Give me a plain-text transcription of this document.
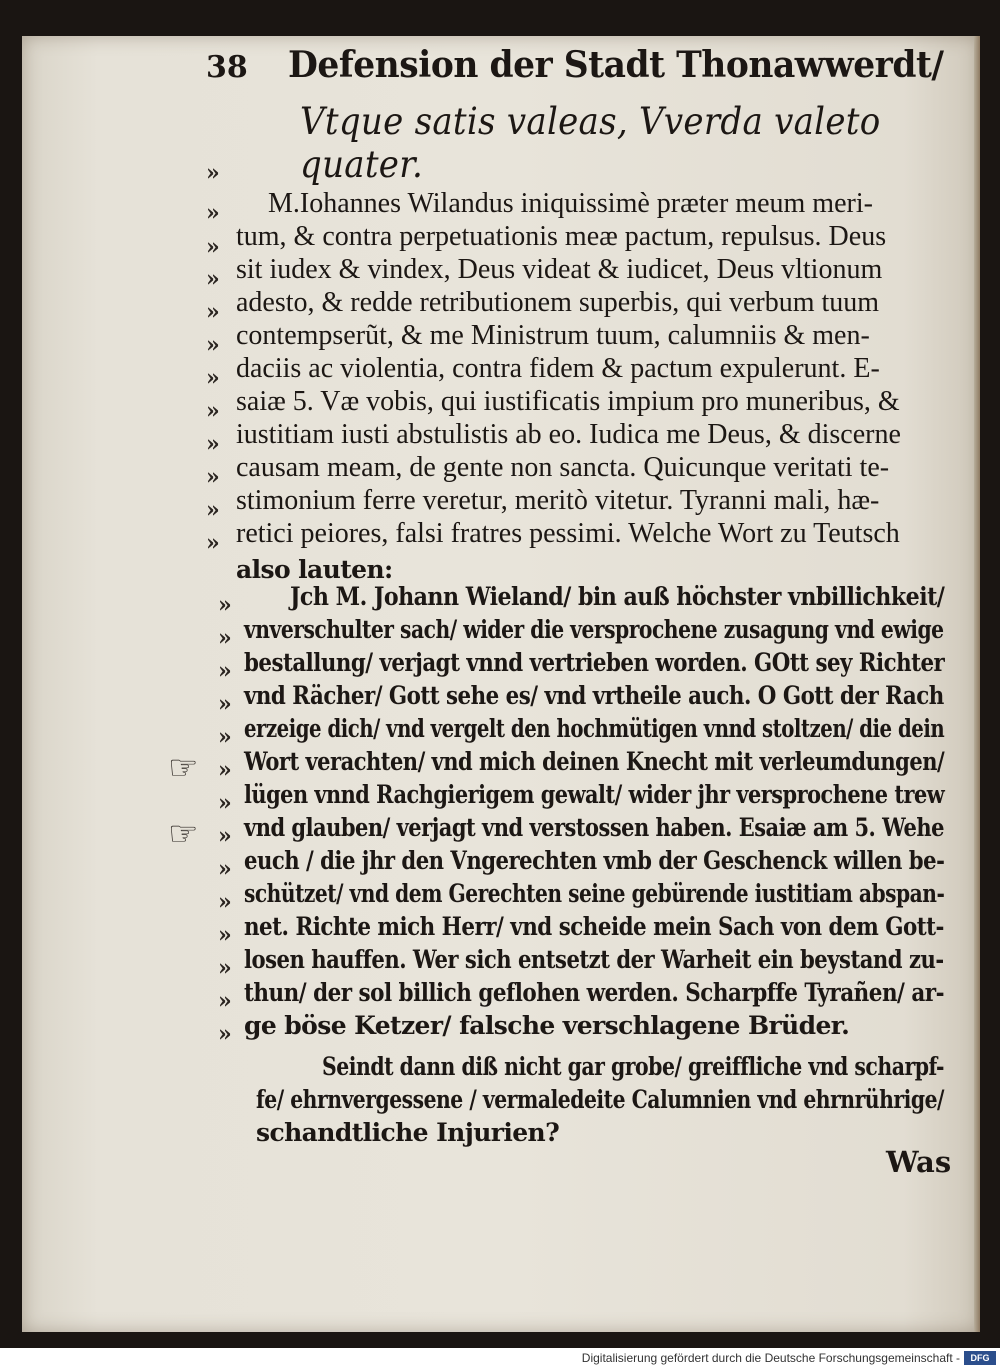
38 Defension der Stadt Thonawwerdt/
»
Vtque satis valeas, Vverda valeto quater.
» M.Iohannes Wilandus iniquissimè præter meum meri-
» tum, & contra perpetuationis meæ pactum, repulsus. Deus
» sit iudex & vindex, Deus videat & iudicet, Deus vltionum
» adesto, & redde retributionem superbis, qui verbum tuum
» contempserũt, & me Ministrum tuum, calumniis & men-
» daciis ac violentia, contra fidem & pactum expulerunt. E-
» saiæ 5. Væ vobis, qui iustificatis impium pro muneribus, &
» iustitiam iusti abstulistis ab eo. Iudica me Deus, & discerne
» causam meam, de gente non sancta. Quicunque veritati te-
» stimonium ferre veretur, meritò vitetur. Tyranni mali, hæ-
» retici peiores, falsi fratres pessimi. Welche Wort zu Teutsch
also lauten:
» Jch M. Johann Wieland/ bin auß höchster vnbillichkeit/
» vnverschulter sach/ wider die versprochene zusagung vnd ewige
» bestallung/ verjagt vnnd vertrieben worden. GOtt sey Richter
» vnd Rächer/ Gott sehe es/ vnd vrtheile auch. O Gott der Rach
» erzeige dich/ vnd vergelt den hochmütigen vnnd stoltzen/ die dein
☞ » Wort verachten/ vnd mich deinen Knecht mit verleumdungen/
» lügen vnnd Rachgierigem gewalt/ wider jhr versprochene trew
☞ » vnd glauben/ verjagt vnd verstossen haben. Esaiæ am 5. Wehe
» euch / die jhr den Vngerechten vmb der Geschenck willen be-
» schützet/ vnd dem Gerechten seine gebürende iustitiam abspan-
» net. Richte mich Herr/ vnd scheide mein Sach von dem Gott-
» losen hauffen. Wer sich entsetzt der Warheit ein beystand zu-
» thun/ der sol billich geflohen werden. Scharpffe Tyrañen/ ar-
» ge böse Ketzer/ falsche verschlagene Brüder.
Seindt dann diß nicht gar grobe/ greiffliche vnd scharpf-
fe/ ehrnvergessene / vermaledeite Calumnien vnd ehrnrührige/
schandtliche Injurien?
Was
Digitalisierung gefördert durch die Deutsche Forschungsgemeinschaft -	DFG
